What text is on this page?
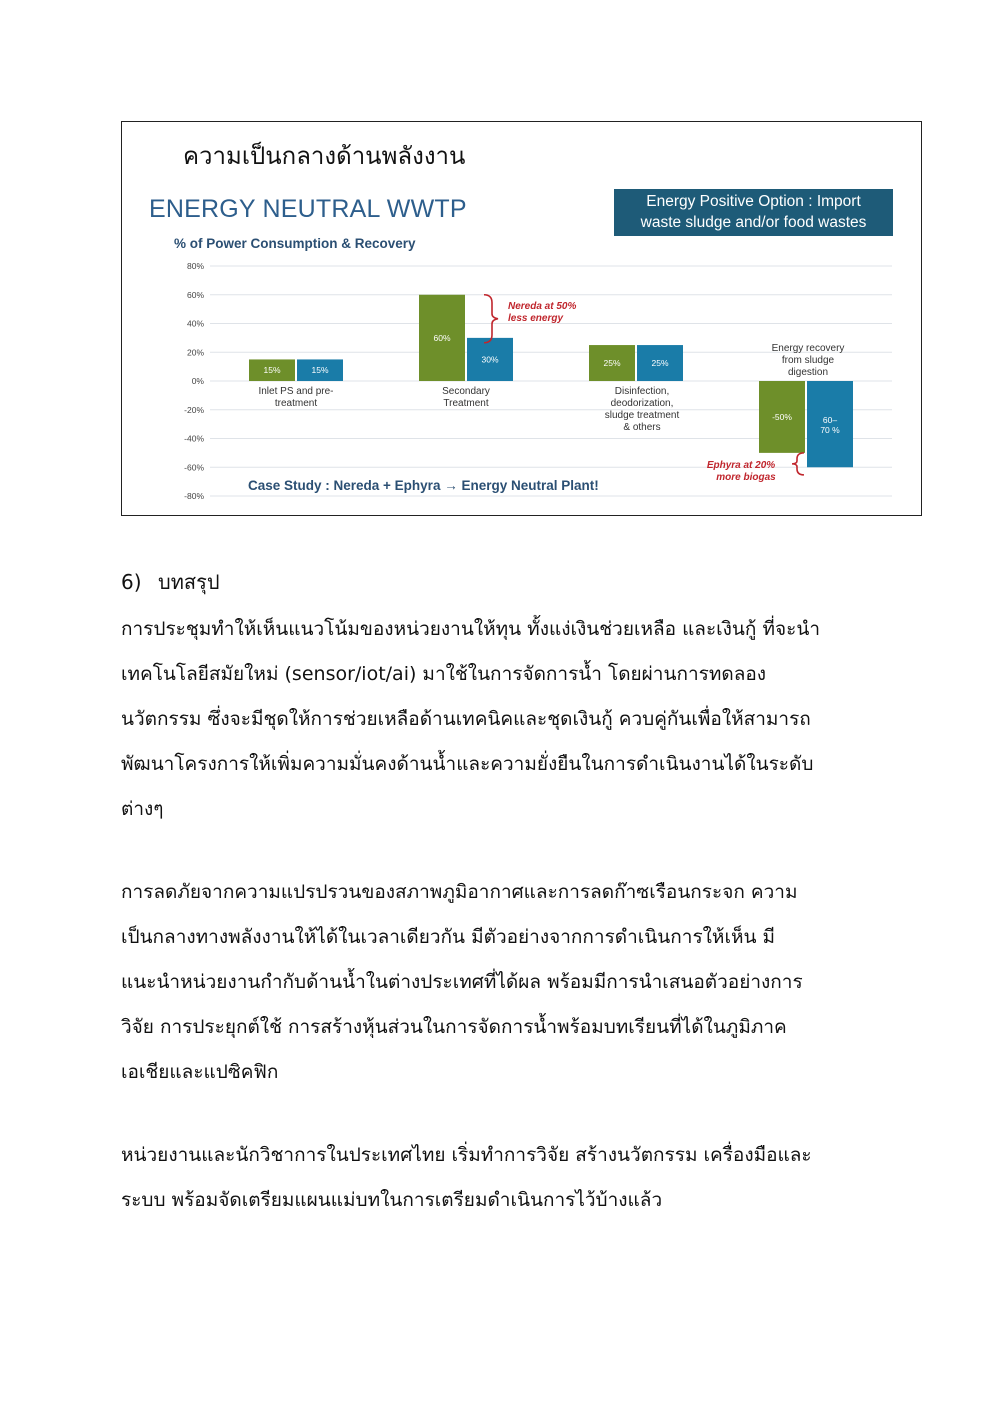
ความเป็นกลางด้านพลังงาน
ENERGY NEUTRAL WWTP	Energy Positive Option : Import
waste sludge and/or food wastes
% of Power Consumption & Recovery
80%
60%
40%
20%
0%
-20%
-40%
-60%
-80%
15%
60%
25%
-50%
15%
30%	25%
60–
70 %
Inlet PS and pre-
treatment
Secondary
Treatment
Disinfection,
deodorization,
sludge treatment
& others
Energy recovery
from sludge
digestion
Nereda at 50%
less energy
Ephyra at 20%
more biogas
Case Study : Nereda + Ephyra → Energy Neutral Plant!
6) บทสรุป
การประชุมทำให้เห็นแนวโน้มของหน่วยงานให้ทุน ทั้งแง่เงินช่วยเหลือ และเงินกู้ ที่จะนำ
เทคโนโลยีสมัยใหม่ (sensor/iot/ai) มาใช้ในการจัดการน้ำ โดยผ่านการทดลอง
นวัตกรรม ซึ่งจะมีชุดให้การช่วยเหลือด้านเทคนิคและชุดเงินกู้ ควบคู่กันเพื่อให้สามารถ
พัฒนาโครงการให้เพิ่มความมั่นคงด้านน้ำและความยั่งยืนในการดำเนินงานได้ในระดับ
ต่างๆ
การลดภัยจากความแปรปรวนของสภาพภูมิอากาศและการลดก๊าซเรือนกระจก ความ
เป็นกลางทางพลังงานให้ได้ในเวลาเดียวกัน มีตัวอย่างจากการดำเนินการให้เห็น มี
แนะนำหน่วยงานกำกับด้านน้ำในต่างประเทศที่ได้ผล พร้อมมีการนำเสนอตัวอย่างการ
วิจัย การประยุกต์ใช้ การสร้างหุ้นส่วนในการจัดการน้ำพร้อมบทเรียนที่ได้ในภูมิภาค
เอเชียและแปซิคฟิก
หน่วยงานและนักวิชาการในประเทศไทย เริ่มทำการวิจัย สร้างนวัตกรรม เครื่องมือและ
ระบบ พร้อมจัดเตรียมแผนแม่บทในการเตรียมดำเนินการไว้บ้างแล้ว
